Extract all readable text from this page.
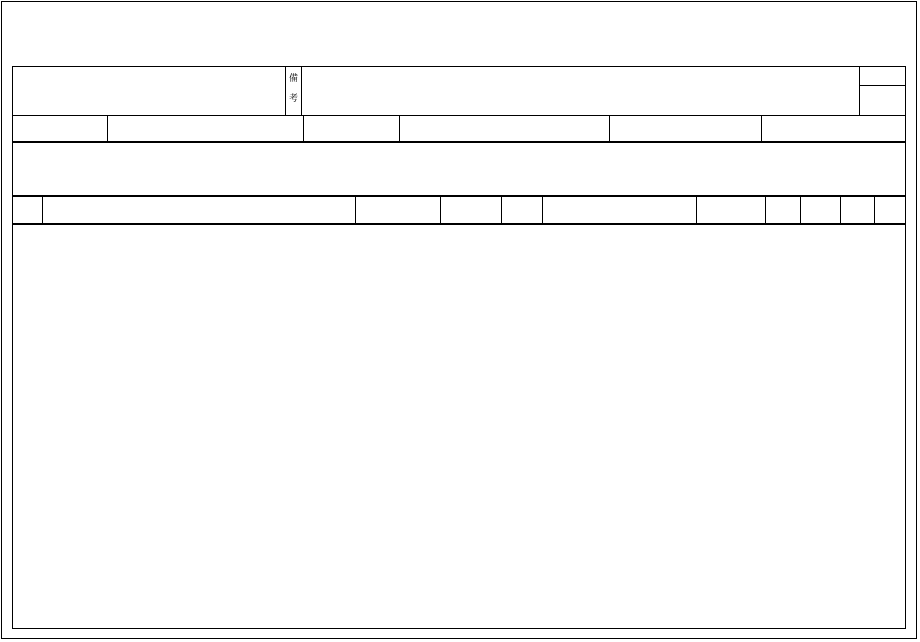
備
考
